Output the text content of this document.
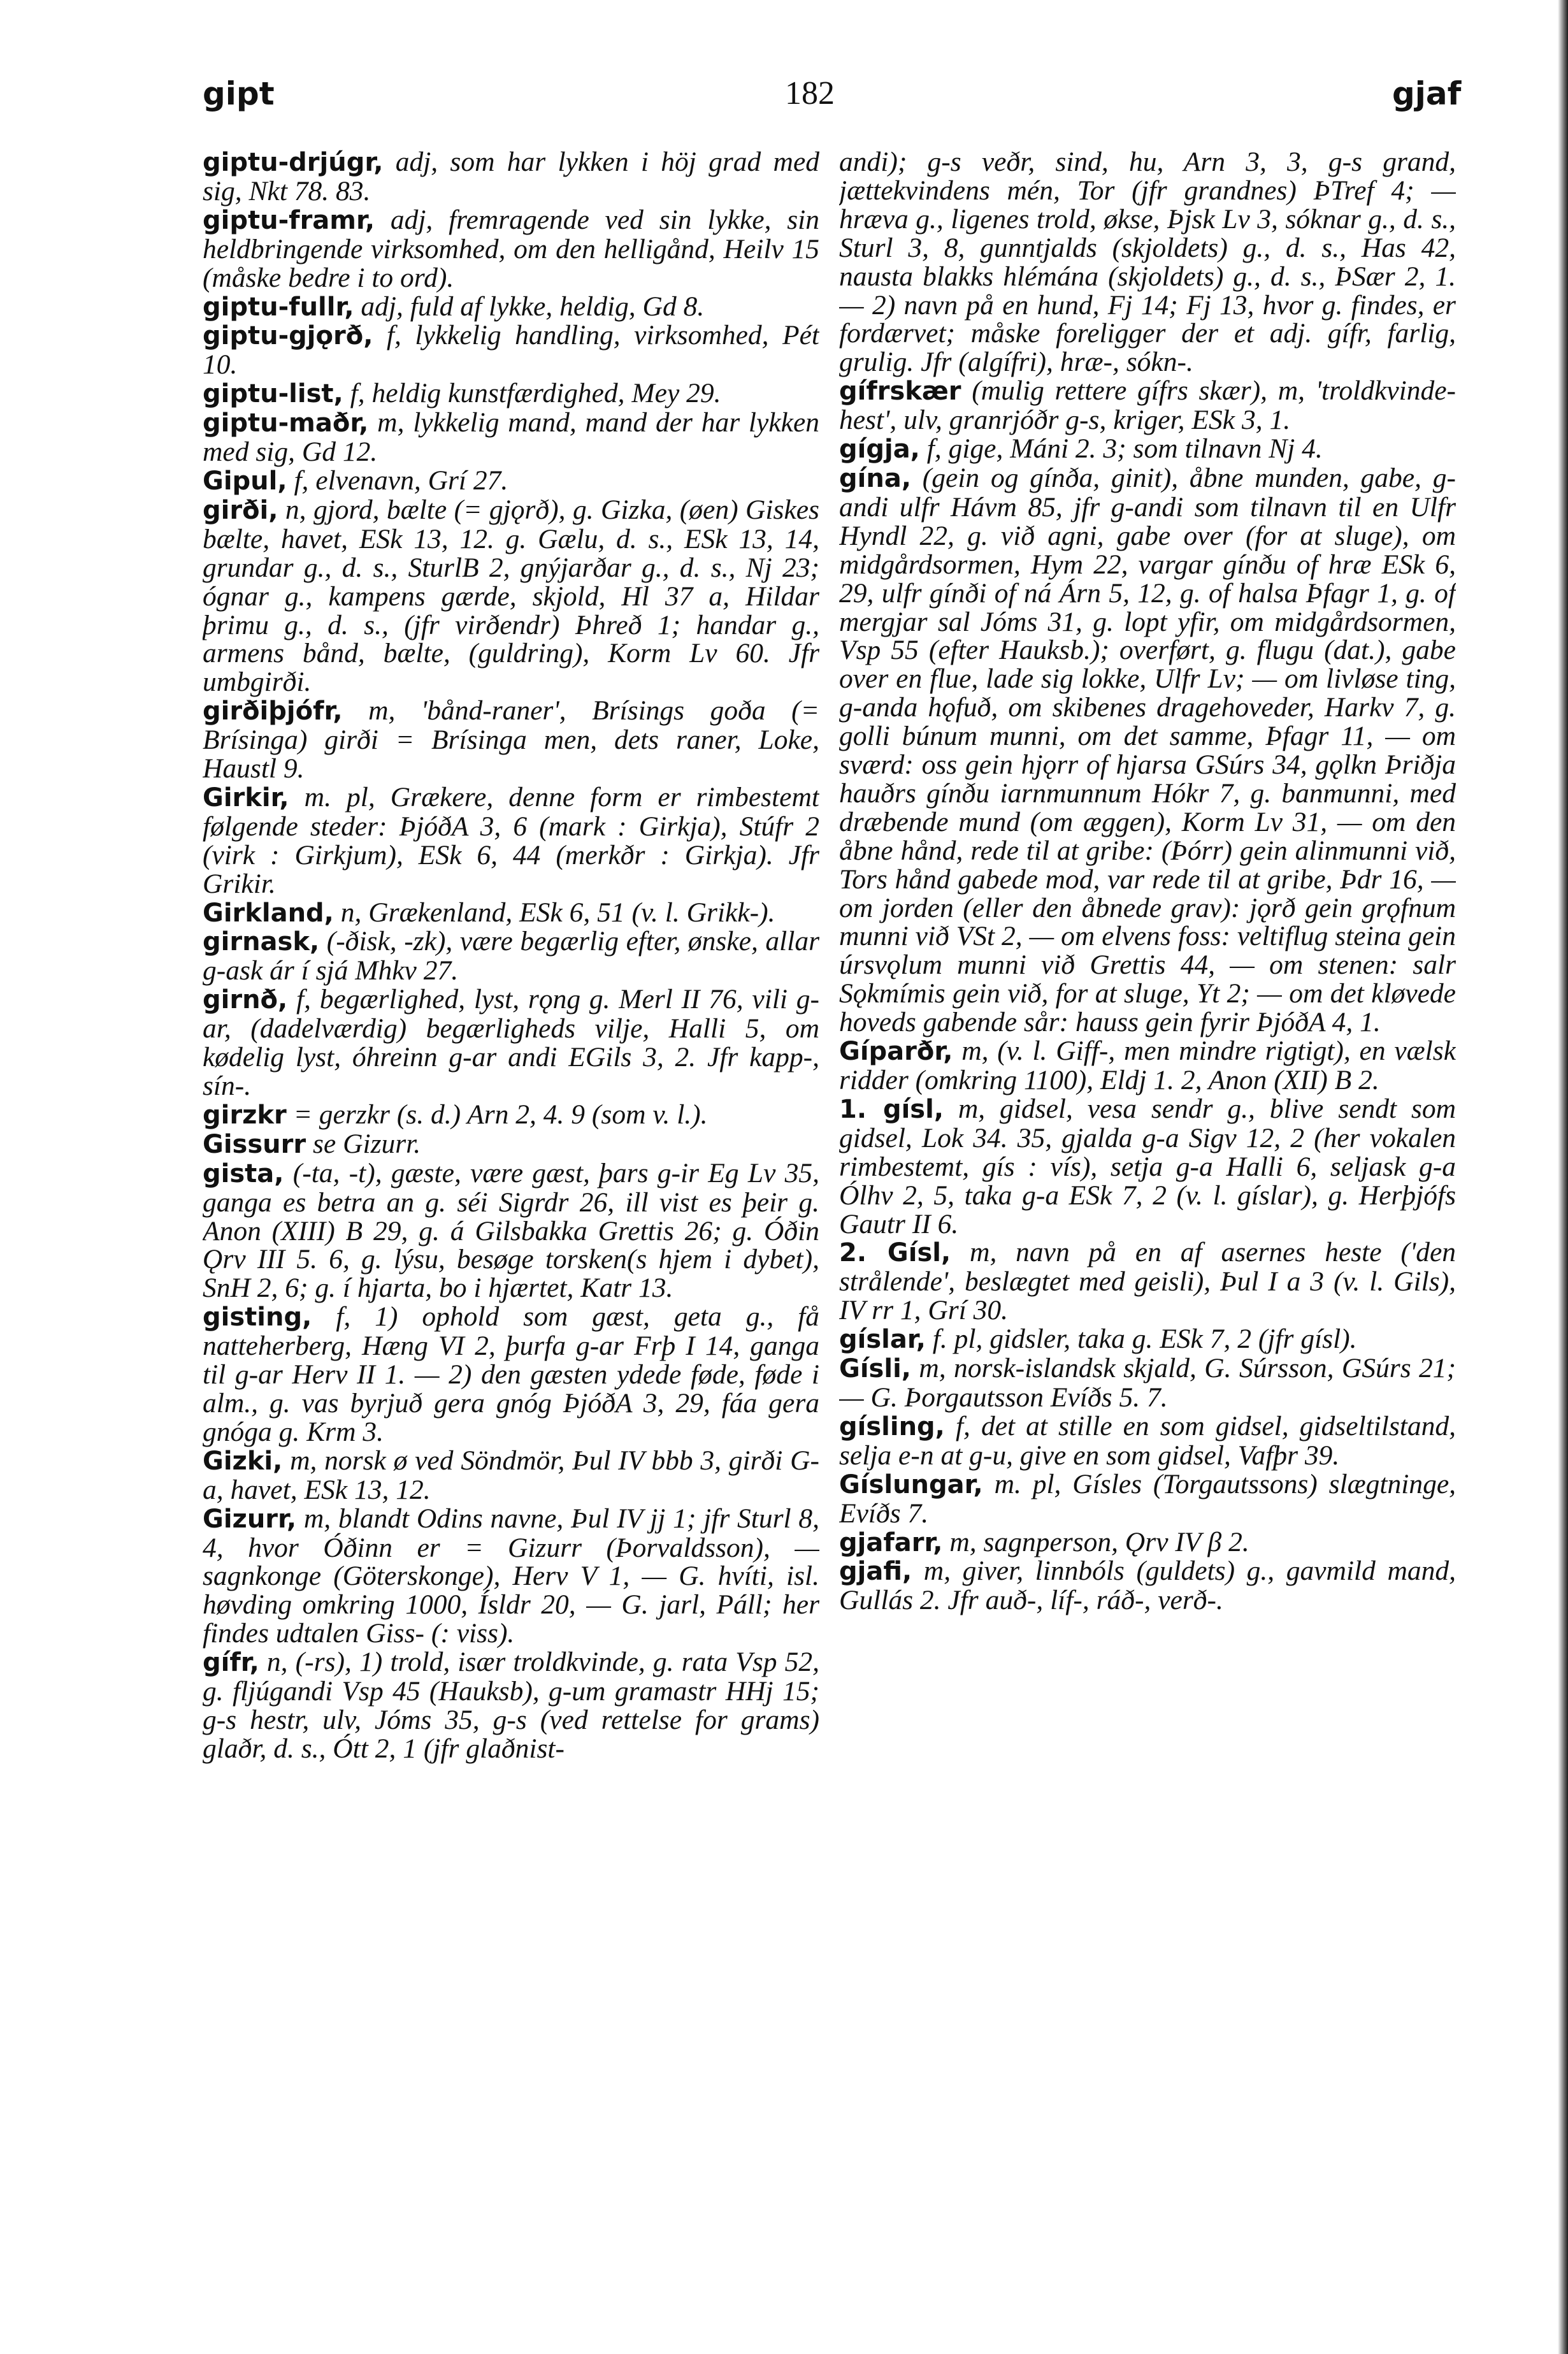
gipt	182	gjaf

giptu-drjúgr, adj, som har lykken i höj grad med sig, Nkt 78. 83.

giptu-framr, adj, fremragende ved sin lykke, sin heldbringende virksomhed, om den helligånd, Heilv 15 (måske bedre i to ord).

giptu-fullr, adj, fuld af lykke, heldig, Gd 8.

giptu-gjǫrð, f, lykkelig handling, virksomhed, Pét 10.

giptu-list, f, heldig kunstfærdighed, Mey 29.

giptu-maðr, m, lykkelig mand, mand der har lykken med sig, Gd 12.

Gipul, f, elvenavn, Grí 27.

girði, n, gjord, bælte (= gjǫrð), g. Gizka, (øen) Giskes bælte, havet, ESk 13, 12. g. Gælu, d. s., ESk 13, 14, grundar g., d. s., SturlB 2, gnýjarðar g., d. s., Nj 23; ógnar g., kampens gærde, skjold, Hl 37 a, Hildar þrimu g., d. s., (jfr virðendr) Þhreð 1; handar g., armens bånd, bælte, (guldring), Korm Lv 60. Jfr umbgirði.

girðiþjófr, m, 'bånd-raner', Brísings goða (= Brísinga) girði = Brísinga men, dets raner, Loke, Haustl 9.

Girkir, m. pl, Grækere, denne form er rimbestemt følgende steder: ÞjóðA 3, 6 (mark : Girkja), Stúfr 2 (virk : Girkjum), ESk 6, 44 (merkðr : Girkja). Jfr Grikir.

Girkland, n, Grækenland, ESk 6, 51 (v. l. Grikk-).

girnask, (-ðisk, -zk), være begærlig efter, ønske, allar g-ask ár í sjá Mhkv 27.

girnð, f, begærlighed, lyst, rǫng g. Merl II 76, vili g-ar, (dadelværdig) begærligheds vilje, Halli 5, om kødelig lyst, óhreinn g-ar andi EGils 3, 2. Jfr kapp-, sín-.

girzkr = gerzkr (s. d.) Arn 2, 4. 9 (som v. l.).

Gissurr se Gizurr.

gista, (-ta, -t), gæste, være gæst, þars g-ir Eg Lv 35, ganga es betra an g. séi Sigrdr 26, ill vist es þeir g. Anon (XIII) B 29, g. á Gilsbakka Grettis 26; g. Óðin Ǫrv III 5. 6, g. lýsu, besøge torsken(s hjem i dybet), SnH 2, 6; g. í hjarta, bo i hjærtet, Katr 13.

gisting, f, 1) ophold som gæst, geta g., få natteherberg, Hæng VI 2, þurfa g-ar Frþ I 14, ganga til g-ar Herv II 1. — 2) den gæsten ydede føde, føde i alm., g. vas byrjuð gera gnóg ÞjóðA 3, 29, fáa gera gnóga g. Krm 3.

Gizki, m, norsk ø ved Söndmör, Þul IV bbb 3, girði G-a, havet, ESk 13, 12.

Gizurr, m, blandt Odins navne, Þul IV jj 1; jfr Sturl 8, 4, hvor Óðinn er = Gizurr (Þorvaldsson), — sagnkonge (Göterskonge), Herv V 1, — G. hvíti, isl. høvding omkring 1000, Ísldr 20, — G. jarl, Páll; her findes udtalen Giss- (: viss).

gífr, n, (-rs), 1) trold, især troldkvinde, g. rata Vsp 52, g. fljúgandi Vsp 45 (Hauksb), g-um gramastr HHj 15; g-s hestr, ulv, Jóms 35, g-s (ved rettelse for grams) glaðr, d. s., Ótt 2, 1 (jfr glaðnist-

andi); g-s veðr, sind, hu, Arn 3, 3, g-s grand, jættekvindens mén, Tor (jfr grandnes) ÞTref 4; — hræva g., ligenes trold, økse, Þjsk Lv 3, sóknar g., d. s., Sturl 3, 8, gunntjalds (skjoldets) g., d. s., Has 42, nausta blakks hlémána (skjoldets) g., d. s., ÞSær 2, 1. — 2) navn på en hund, Fj 14; Fj 13, hvor g. findes, er fordærvet; måske foreligger der et adj. gífr, farlig, grulig. Jfr (algífri), hræ-, sókn-.

gífrskær (mulig rettere gífrs skær), m, 'troldkvinde-hest', ulv, granrjóðr g-s, kriger, ESk 3, 1.

gígja, f, gige, Máni 2. 3; som tilnavn Nj 4.

gína, (gein og gínða, ginit), åbne munden, gabe, g-andi ulfr Hávm 85, jfr g-andi som tilnavn til en Ulfr Hyndl 22, g. við agni, gabe over (for at sluge), om midgårdsormen, Hym 22, vargar gínðu of hræ ESk 6, 29, ulfr gínði of ná Árn 5, 12, g. of halsa Þfagr 1, g. of mergjar sal Jóms 31, g. lopt yfir, om midgårdsormen, Vsp 55 (efter Hauksb.); overført, g. flugu (dat.), gabe over en flue, lade sig lokke, Ulfr Lv; — om livløse ting, g-anda hǫfuð, om skibenes dragehoveder, Harkv 7, g. golli búnum munni, om det samme, Þfagr 11, — om sværd: oss gein hjǫrr of hjarsa GSúrs 34, gǫlkn Þriðja hauðrs gínðu iarnmunnum Hókr 7, g. banmunni, med dræbende mund (om æggen), Korm Lv 31, — om den åbne hånd, rede til at gribe: (Þórr) gein alinmunni við, Tors hånd gabede mod, var rede til at gribe, Þdr 16, — om jorden (eller den åbnede grav): jǫrð gein grǫfnum munni við VSt 2, — om elvens foss: veltiflug steina gein úrsvǫlum munni við Grettis 44, — om stenen: salr Sǫkmímis gein við, for at sluge, Yt 2; — om det kløvede hoveds gabende sår: hauss gein fyrir ÞjóðA 4, 1.

Gíparðr, m, (v. l. Giff-, men mindre rigtigt), en vælsk ridder (omkring 1100), Eldj 1. 2, Anon (XII) B 2.

1. gísl, m, gidsel, vesa sendr g., blive sendt som gidsel, Lok 34. 35, gjalda g-a Sigv 12, 2 (her vokalen rimbestemt, gís : vís), setja g-a Halli 6, seljask g-a Ólhv 2, 5, taka g-a ESk 7, 2 (v. l. gíslar), g. Herþjófs Gautr II 6.

2. Gísl, m, navn på en af asernes heste ('den strålende', beslægtet med geisli), Þul I a 3 (v. l. Gils), IV rr 1, Grí 30.

gíslar, f. pl, gidsler, taka g. ESk 7, 2 (jfr gísl).

Gísli, m, norsk-islandsk skjald, G. Súrsson, GSúrs 21; — G. Þorgautsson Evíðs 5. 7.

gísling, f, det at stille en som gidsel, gidseltilstand, selja e-n at g-u, give en som gidsel, Vafþr 39.

Gíslungar, m. pl, Gísles (Torgautssons) slægtninge, Evíðs 7.

gjafarr, m, sagnperson, Ǫrv IV β 2.

gjafi, m, giver, linnbóls (guldets) g., gavmild mand, Gullás 2. Jfr auð-, líf-, ráð-, verð-.
